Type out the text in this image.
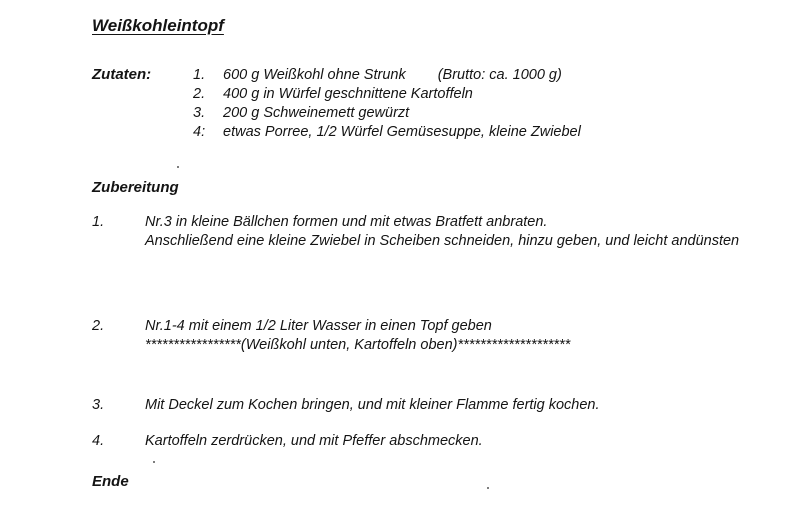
Weißkohleintopf
Zutaten:	1.	600 g Weißkohl ohne Strunk (Brutto: ca. 1000 g)
2.	400 g in Würfel geschnittene Kartoffeln
3.	200 g Schweinemett gewürzt
4:	etwas Porree, 1/2 Würfel Gemüsesuppe, kleine Zwiebel
Zubereitung
1.	Nr.3 in kleine Bällchen formen und mit etwas Bratfett anbraten.
Anschließend eine kleine Zwiebel in Scheiben schneiden, hinzu geben, und leicht andünsten
2.	Nr.1-4 mit einem 1/2 Liter Wasser in einen Topf geben
*****************(Weißkohl unten, Kartoffeln oben)********************
3.	Mit Deckel zum Kochen bringen, und mit kleiner Flamme fertig kochen.
4.	Kartoffeln zerdrücken, und mit Pfeffer abschmecken.
Ende
